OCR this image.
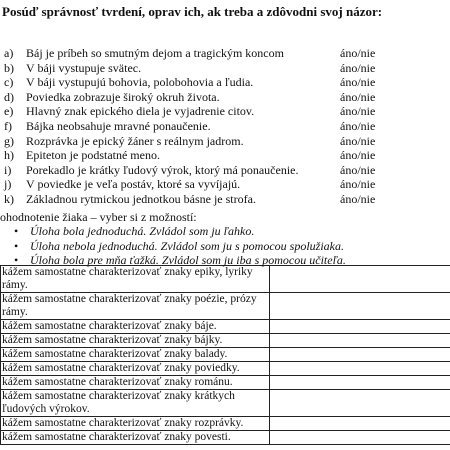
Posúď správnosť tvrdení, oprav ich, ak treba a zdôvodni svoj názor:
a) Báj je príbeh so smutným dejom a tragickým koncom	áno/nie
b) V báji vystupuje svätec.	áno/nie
c) V báji vystupujú bohovia, polobohovia a ľudia.	áno/nie
d) Poviedka zobrazuje široký okruh života.	áno/nie
e) Hlavný znak epického diela je vyjadrenie citov.	áno/nie
f) Bájka neobsahuje mravné ponaučenie.	áno/nie
g) Rozprávka je epický žáner s reálnym jadrom.	áno/nie
h) Epiteton je podstatné meno.	áno/nie
i) Porekadlo je krátky ľudový výrok, ktorý má ponaučenie.	áno/nie
j) V poviedke je veľa postáv, ktoré sa vyvíjajú.	áno/nie
k) Základnou rytmickou jednotkou básne je strofa.	áno/nie
ohodnotenie žiaka – vyber si z možností:
• Úloha bola jednoduchá. Zvládol som ju ľahko.
• Úloha nebola jednoduchá. Zvládol som ju s pomocou spolužiaka.
• Úloha bola pre mňa ťažká. Zvládol som ju iba s pomocou učiteľa.
kážem samostatne charakterizovať znaky epiky, lyriky
rámy.	

kážem samostatne charakterizovať znaky poézie, prózy
rámy.	

kážem samostatne charakterizovať znaky báje.	

kážem samostatne charakterizovať znaky bájky.	

kážem samostatne charakterizovať znaky balady.	

kážem samostatne charakterizovať znaky poviedky.	

kážem samostatne charakterizovať znaky románu.	

kážem samostatne charakterizovať znaky krátkych
ľudových výrokov.	

kážem samostatne charakterizovať znaky rozprávky.	

kážem samostatne charakterizovať znaky povesti.	
